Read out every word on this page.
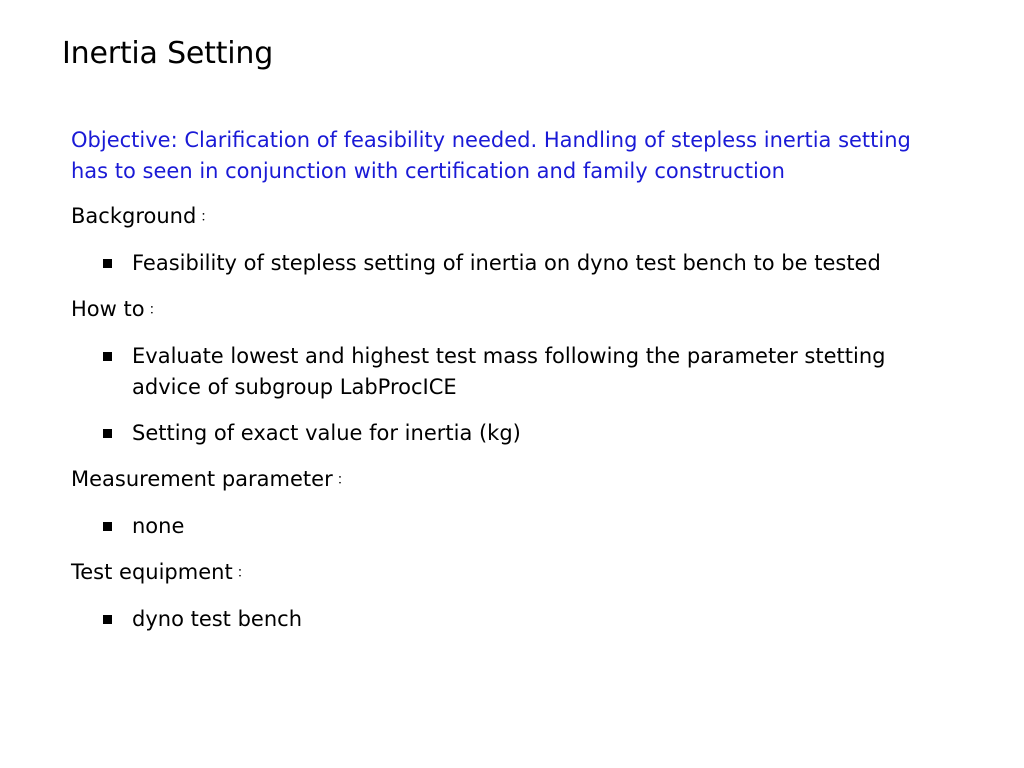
Inertia Setting
Objective: Clarification of feasibility needed. Handling of stepless inertia setting has to seen in conjunction with certification and family construction
Background ：
Feasibility of stepless setting of inertia on dyno test bench to be tested
How to ：
Evaluate lowest and highest test mass following the parameter stetting advice of subgroup LabProcICE
Setting of exact value for inertia (kg)
Measurement parameter ：
none
Test equipment ：
dyno test bench
